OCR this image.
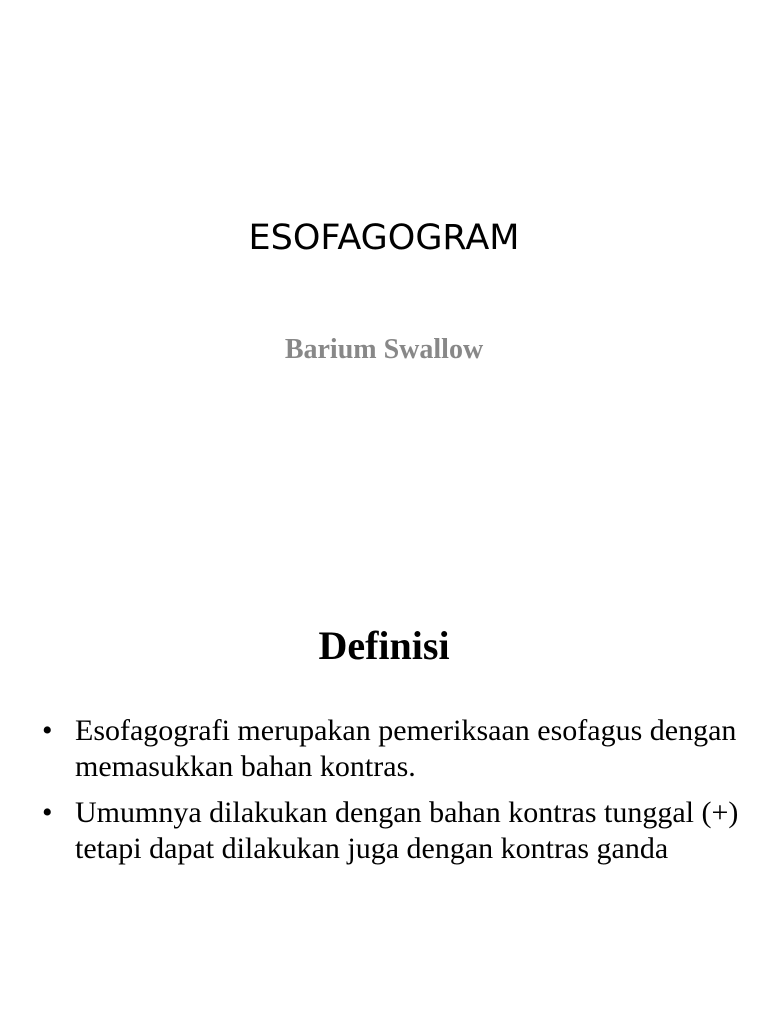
ESOFAGOGRAM
Barium Swallow
Definisi
• Esofagografi merupakan pemeriksaan esofagus dengan memasukkan bahan kontras.
• Umumnya dilakukan dengan bahan kontras tunggal (+) tetapi dapat dilakukan juga dengan kontras ganda
